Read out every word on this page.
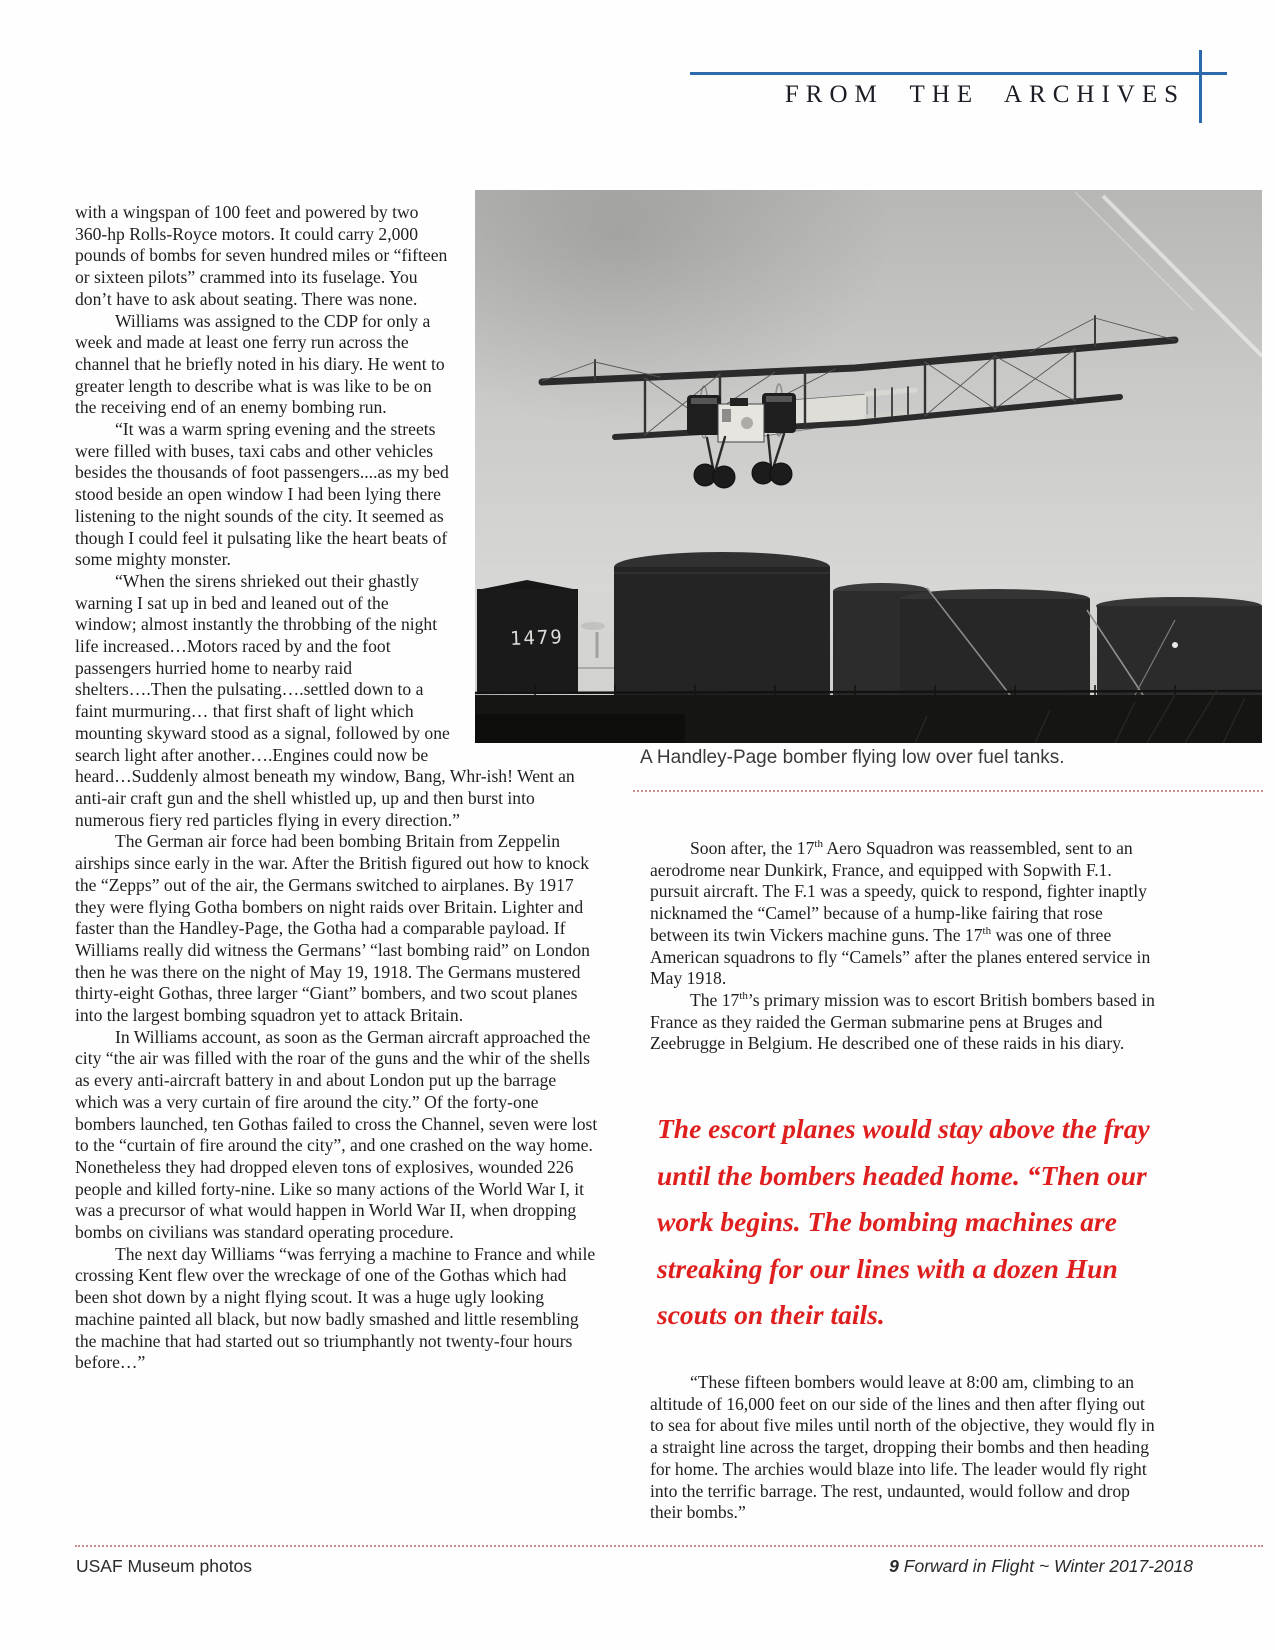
FROM THE ARCHIVES
1479
A Handley-Page bomber flying low over fuel tanks.

with a wingspan of 100 feet and powered by two 360-hp Rolls-Royce motors. It could carry 2,000 pounds of bombs for seven hundred miles or “fifteen or sixteen pilots” crammed into its fuselage. You don’t have to ask about seating. There was none.

Williams was assigned to the CDP for only a week and made at least one ferry run across the channel that he briefly noted in his diary. He went to greater length to describe what is was like to be on the receiving end of an enemy bombing run.

“It was a warm spring evening and the streets were filled with buses, taxi cabs and other vehicles besides the thousands of foot passengers....as my bed stood beside an open window I had been lying there listening to the night sounds of the city. It seemed as though I could feel it pulsating like the heart beats of some mighty monster.

“When the sirens shrieked out their ghastly warning I sat up in bed and leaned out of the window; almost instantly the throbbing of the night life increased…Motors raced by and the foot passengers hurried home to nearby raid shelters….Then the pulsating….settled down to a faint murmuring… that first shaft of light which mounting skyward stood as a signal, followed by one search light after another….Engines could now be heard…Suddenly almost beneath my window, Bang, Whr-ish! Went an anti-air craft gun and the shell whistled up, up and then burst into numerous fiery red particles flying in every direction.”

The German air force had been bombing Britain from Zeppelin airships since early in the war. After the British figured out how to knock the “Zepps” out of the air, the Germans switched to airplanes. By 1917 they were flying Gotha bombers on night raids over Britain. Lighter and faster than the Handley-Page, the Gotha had a comparable payload. If Williams really did witness the Germans’ “last bombing raid” on London then he was there on the night of May 19, 1918. The Germans mustered thirty-eight Gothas, three larger “Giant” bombers, and two scout planes into the largest bombing squadron yet to attack Britain.

In Williams account, as soon as the German aircraft approached the city “the air was filled with the roar of the guns and the whir of the shells as every anti-aircraft battery in and about London put up the barrage which was a very curtain of fire around the city.” Of the forty-one bombers launched, ten Gothas failed to cross the Channel, seven were lost to the “curtain of fire around the city”, and one crashed on the way home. Nonetheless they had dropped eleven tons of explosives, wounded 226 people and killed forty-nine. Like so many actions of the World War I, it was a precursor of what would happen in World War II, when dropping bombs on civilians was standard operating procedure.

The next day Williams “was ferrying a machine to France and while crossing Kent flew over the wreckage of one of the Gothas which had been shot down by a night flying scout. It was a huge ugly looking machine painted all black, but now badly smashed and little resembling the machine that had started out so triumphantly not twenty-four hours before…”

Soon after, the 17th Aero Squadron was reassembled, sent to an aerodrome near Dunkirk, France, and equipped with Sopwith F.1. pursuit aircraft. The F.1 was a speedy, quick to respond, fighter inaptly nicknamed the “Camel” because of a hump-like fairing that rose between its twin Vickers machine guns. The 17th was one of three American squadrons to fly “Camels” after the planes entered service in May 1918.

The 17th’s primary mission was to escort British bombers based in France as they raided the German submarine pens at Bruges and Zeebrugge in Belgium. He described one of these raids in his diary.

The escort planes would stay above the fray
until the bombers headed home. “Then our
work begins. The bombing machines are
streaking for our lines with a dozen Hun
scouts on their tails.

“These fifteen bombers would leave at 8:00 am, climbing to an altitude of 16,000 feet on our side of the lines and then after flying out to sea for about five miles until north of the objective, they would fly in a straight line across the target, dropping their bombs and then heading for home. The archies would blaze into life. The leader would fly right into the terrific barrage. The rest, undaunted, would follow and drop their bombs.”

USAF Museum photos	9 Forward in Flight ~ Winter 2017-2018
